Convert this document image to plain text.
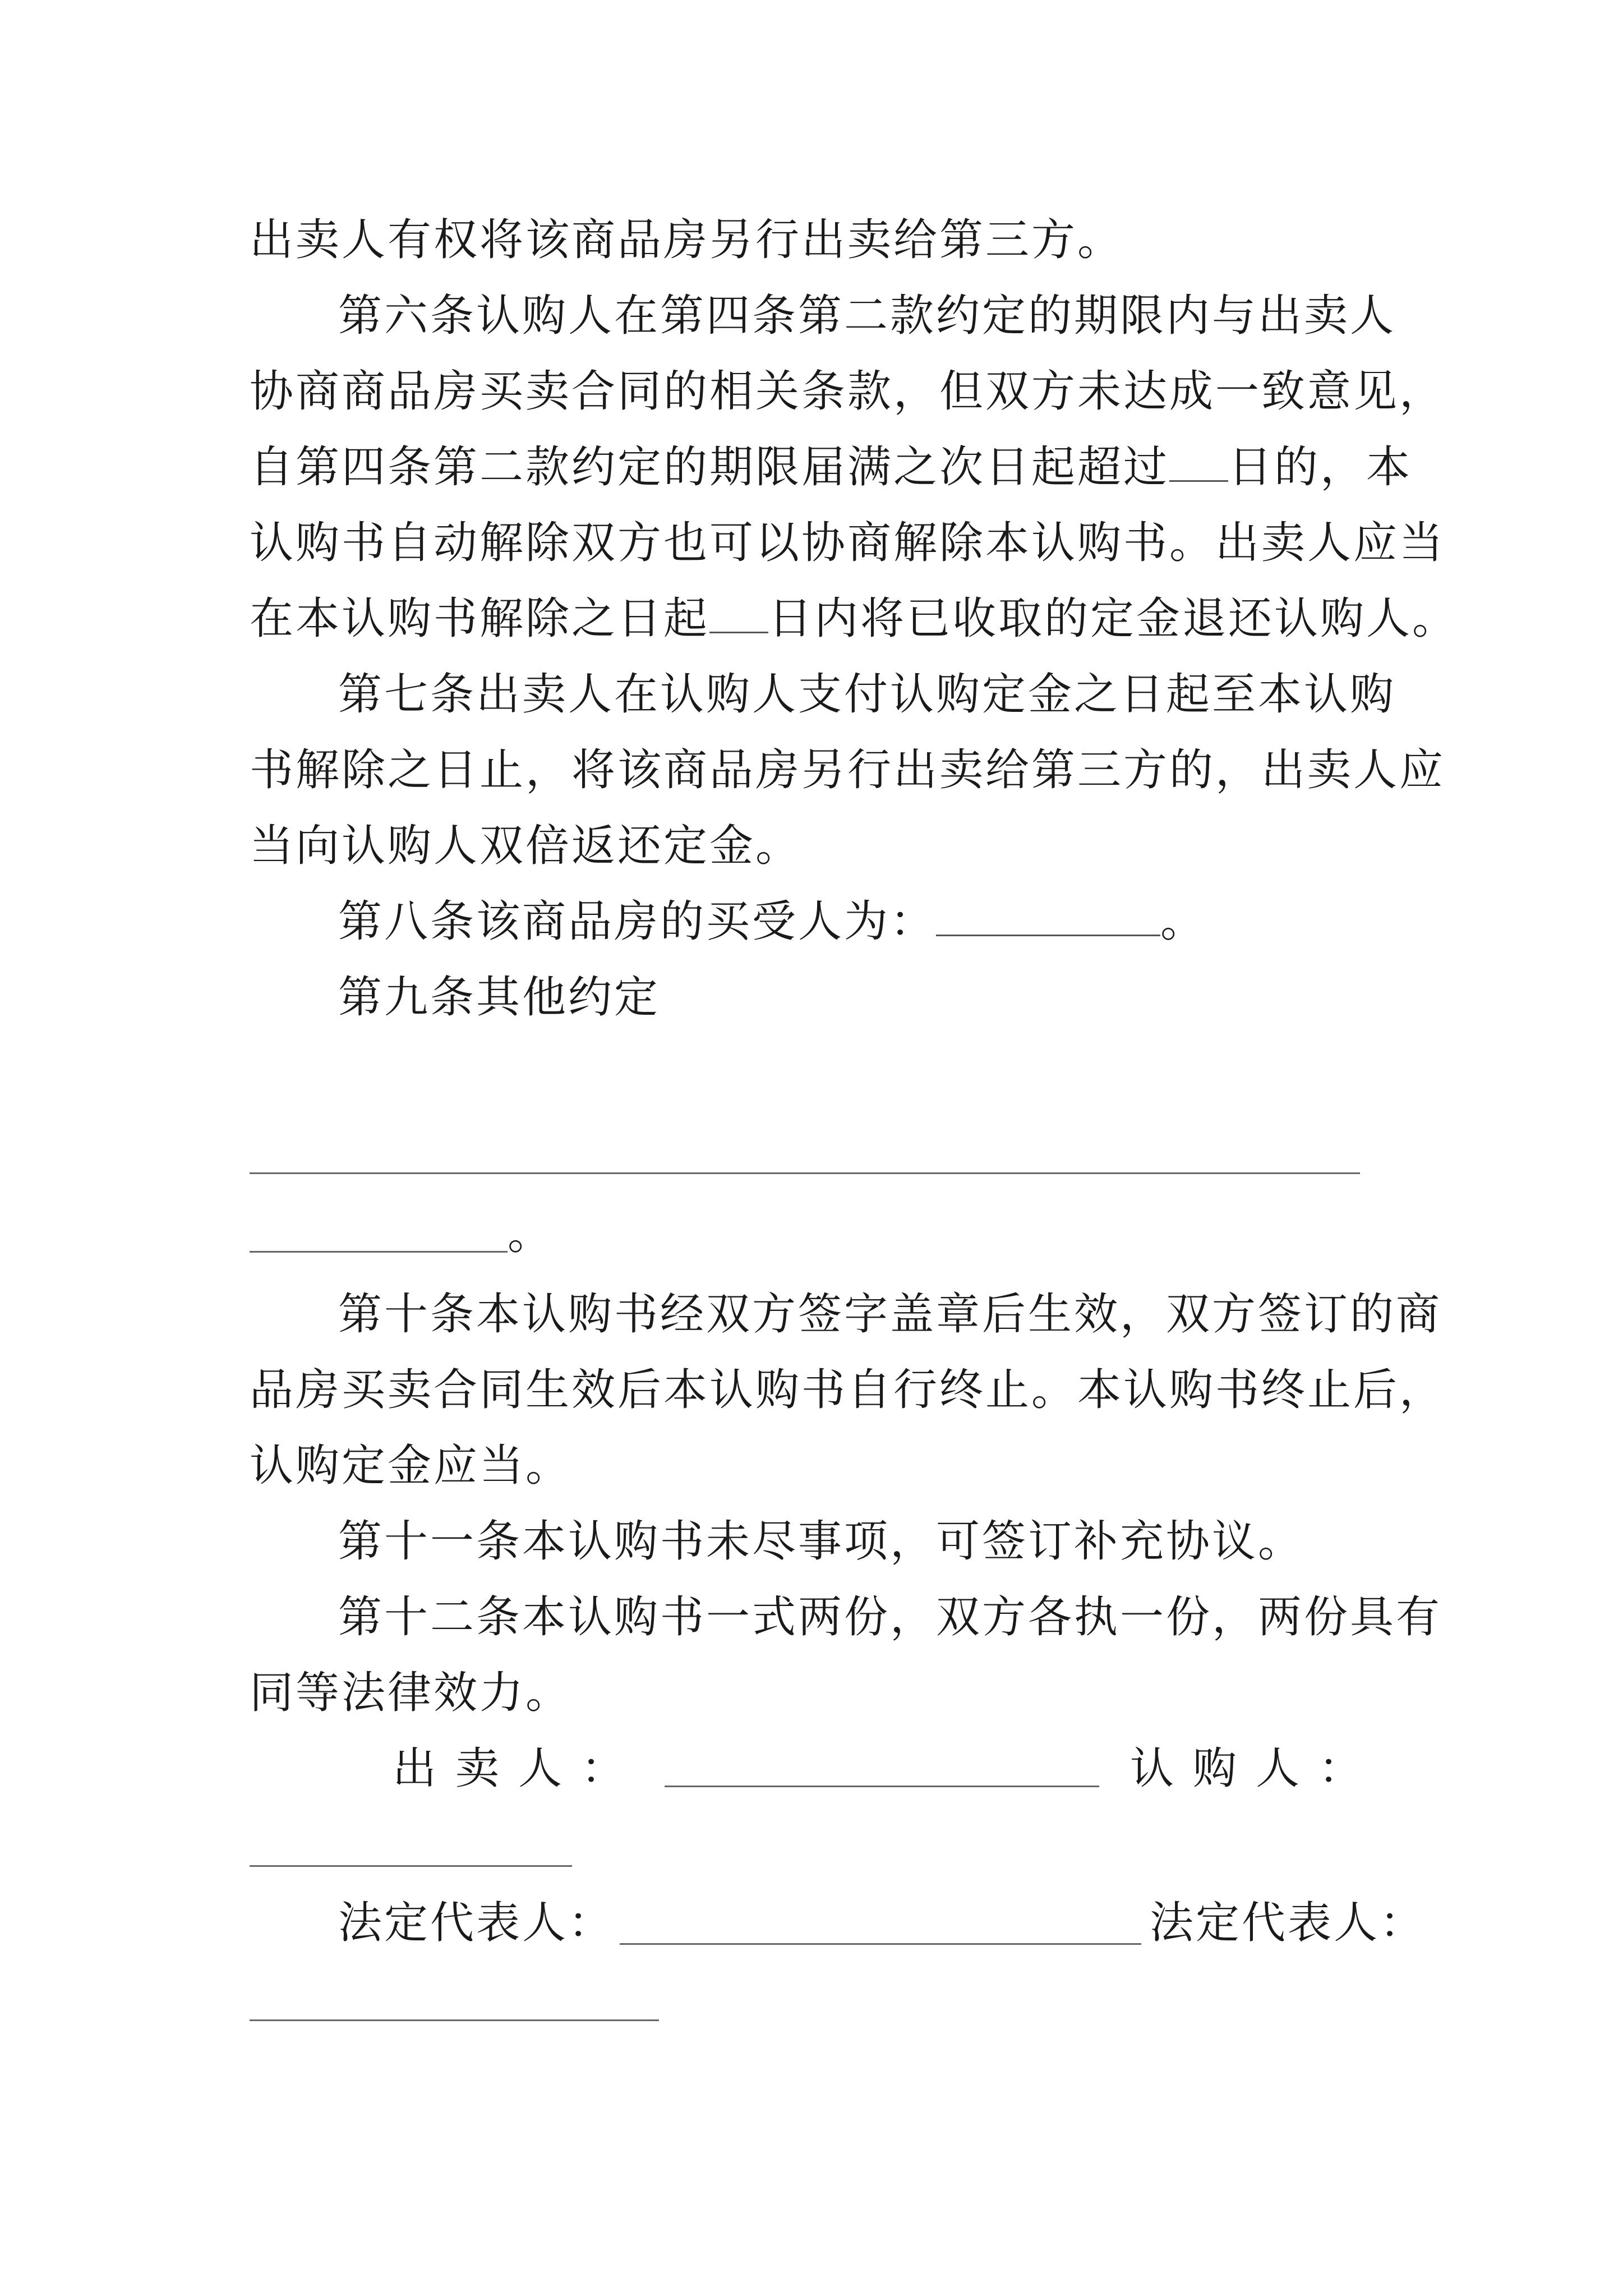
出卖人有权将该商品房另行出卖给第三方。
第六条认购人在第四条第二款约定的期限内与出卖人
协商商品房买卖合同的相关条款，但双方未达成一致意见，
自第四条第二款约定的期限届满之次日起超过 日的，本
认购书自动解除双方也可以协商解除本认购书。出卖人应当
在本认购书解除之日起 日内将已收取的定金退还认购人。
第七条出卖人在认购人支付认购定金之日起至本认购
书解除之日止，将该商品房另行出卖给第三方的，出卖人应
当向认购人双倍返还定金。
第八条该商品房的买受人为：	。
第九条其他约定
。
第十条本认购书经双方签字盖章后生效，双方签订的商
品房买卖合同生效后本认购书自行终止。本认购书终止后，
认购定金应当。
第十一条本认购书未尽事项，可签订补充协议。
第十二条本认购书一式两份，双方各执一份，两份具有
同等法律效力。
出卖人：	认购人：
法定代表人：	法定代表人：
